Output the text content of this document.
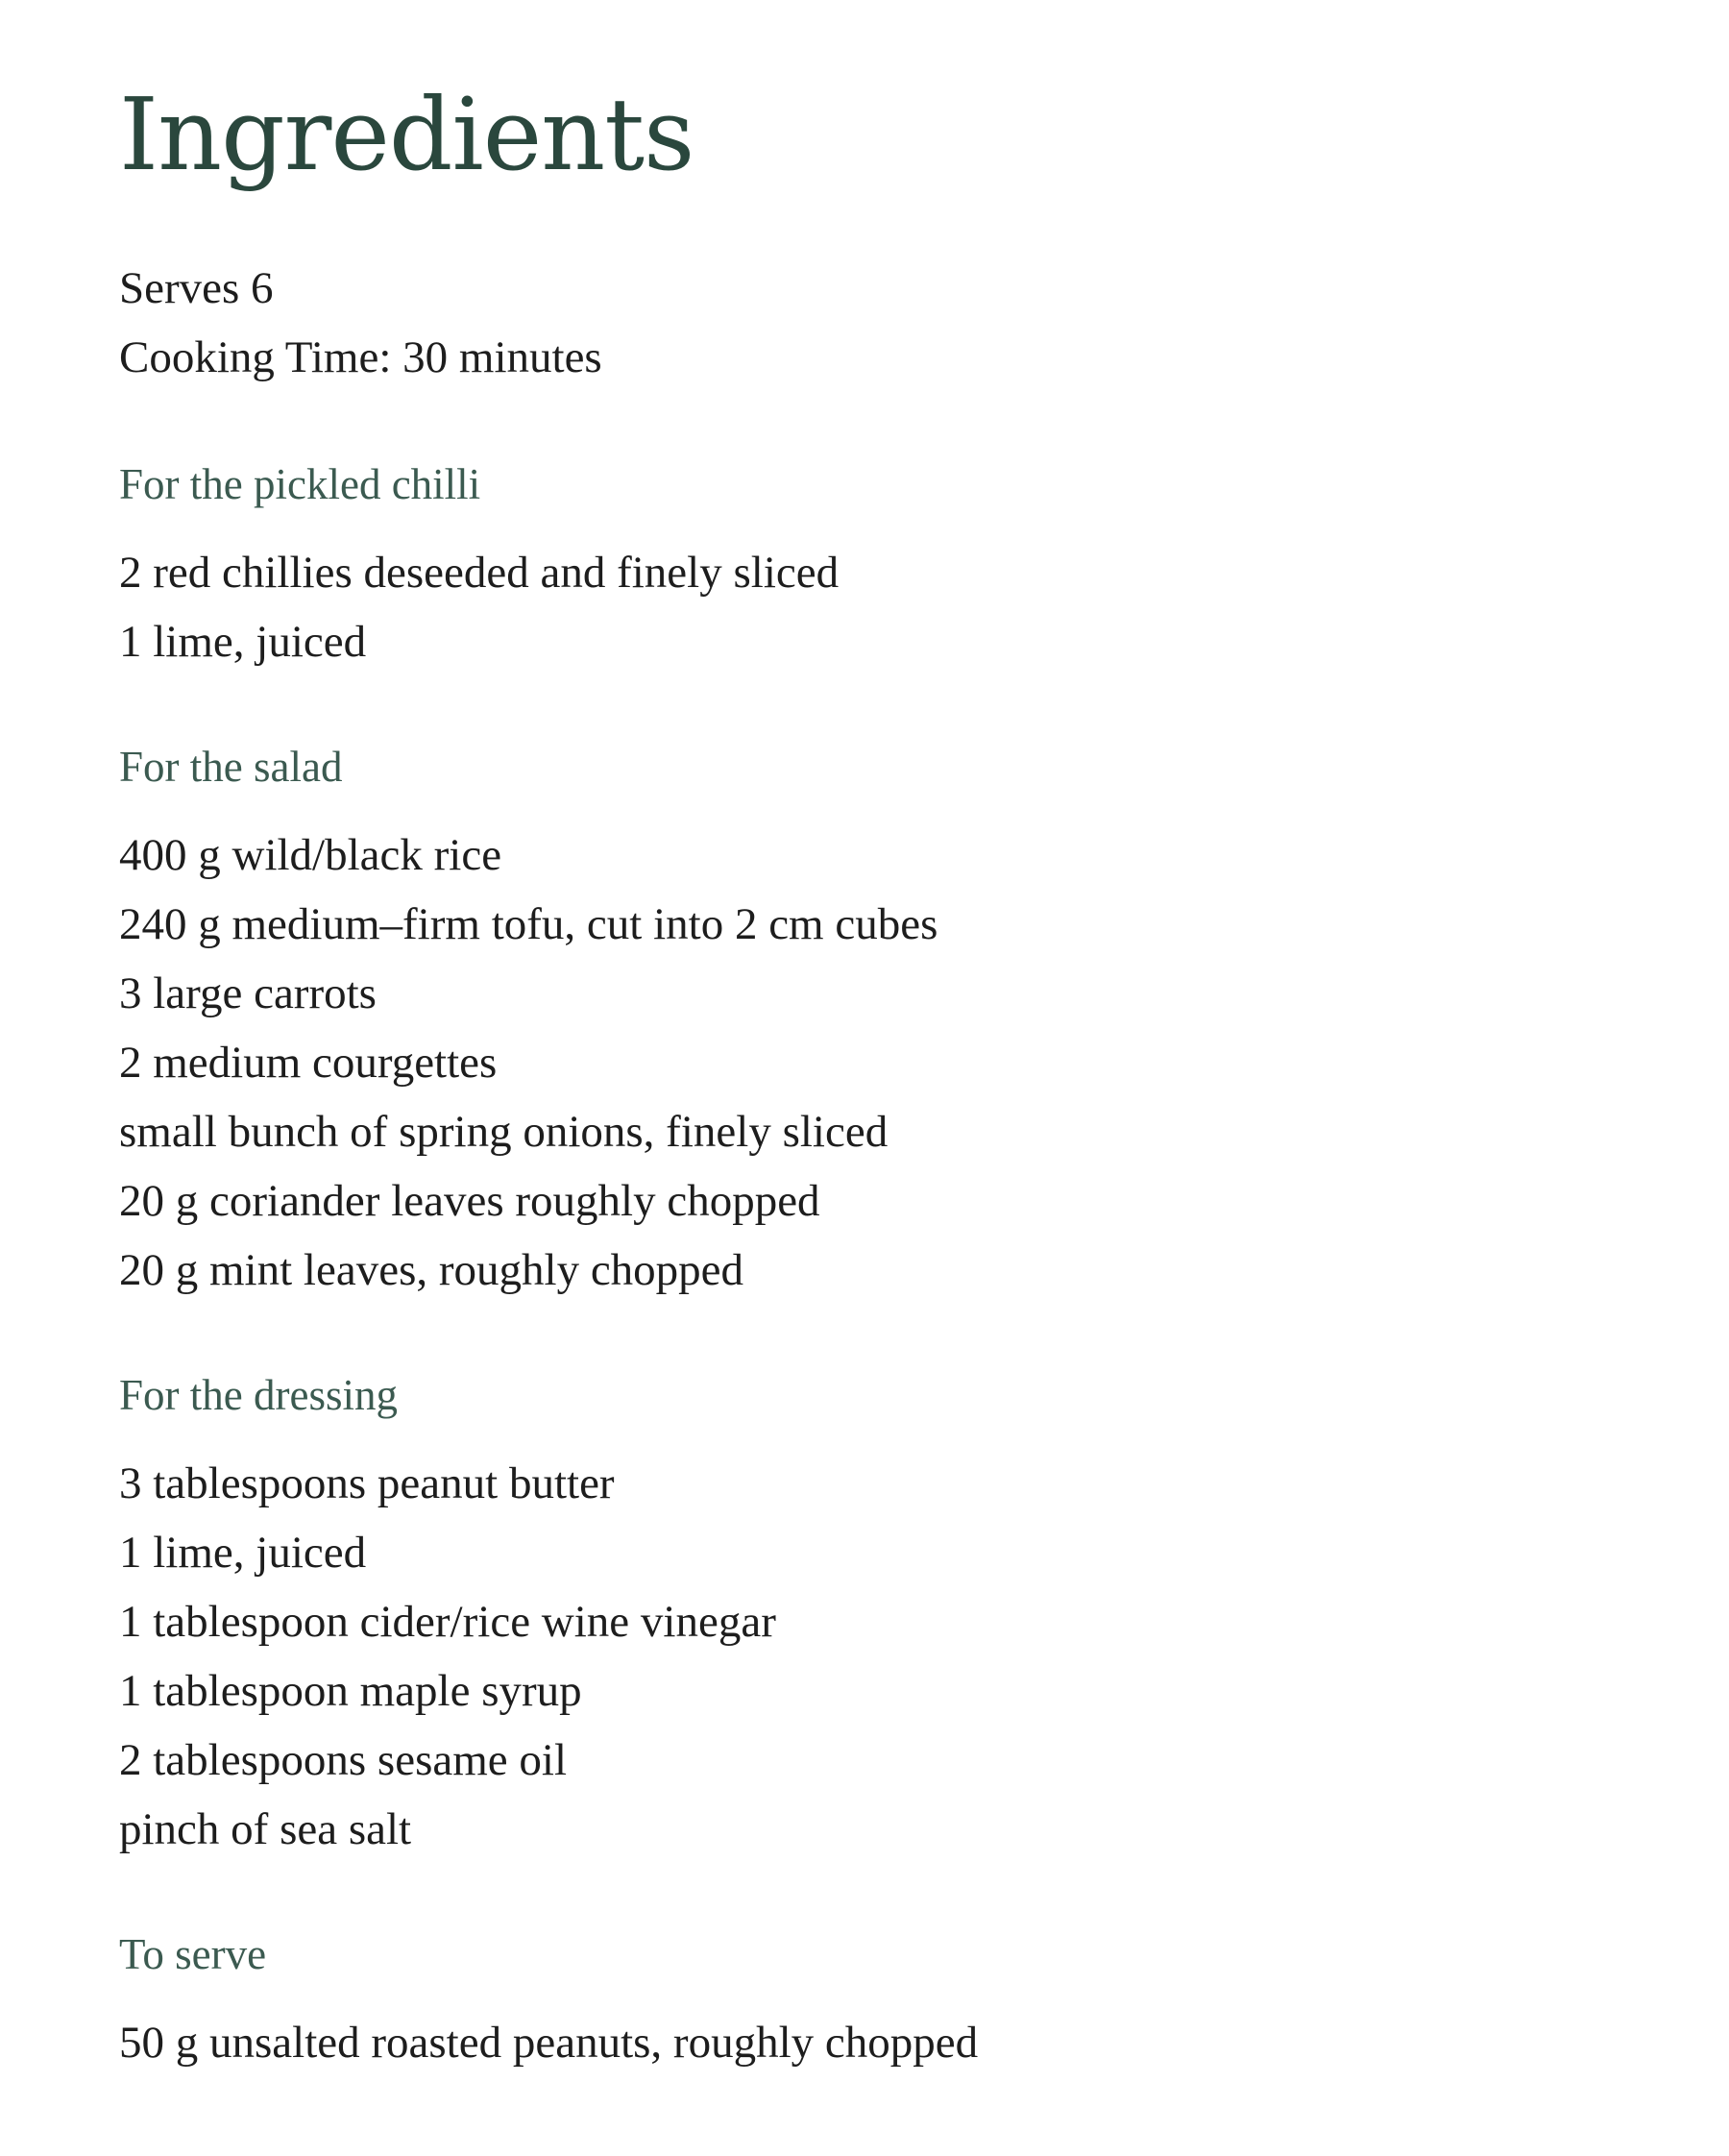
Ingredients
Serves 6
Cooking Time: 30 minutes
For the pickled chilli
2 red chillies deseeded and finely sliced
1 lime, juiced
For the salad
400 g wild/black rice
240 g medium–firm tofu, cut into 2 cm cubes
3 large carrots
2 medium courgettes
small bunch of spring onions, finely sliced
20 g coriander leaves roughly chopped
20 g mint leaves, roughly chopped
For the dressing
3 tablespoons peanut butter
1 lime, juiced
1 tablespoon cider/rice wine vinegar
1 tablespoon maple syrup
2 tablespoons sesame oil
pinch of sea salt
To serve
50 g unsalted roasted peanuts, roughly chopped
